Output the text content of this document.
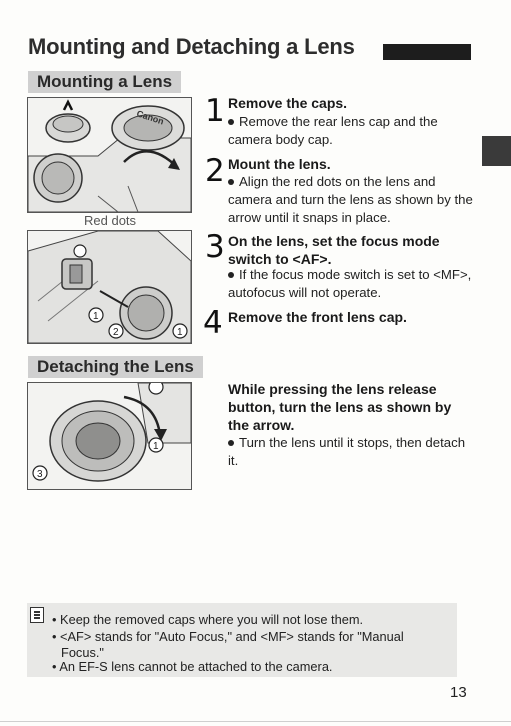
Mounting and Detaching a Lens
Mounting a Lens
Canon
Red dots
1
2	1
Detaching the Lens
1
3
1 Remove the caps.
Remove the rear lens cap and the camera body cap.
2 Mount the lens.
Align the red dots on the lens and camera and turn the lens as shown by the arrow until it snaps in place.
3 On the lens, set the focus mode switch to <AF>.
If the focus mode switch is set to <MF>, autofocus will not operate.
4 Remove the front lens cap.
While pressing the lens release button, turn the lens as shown by the arrow.
Turn the lens until it stops, then detach it.
• Keep the removed caps where you will not lose them.
• <AF> stands for "Auto Focus," and <MF> stands for "Manual
Focus."
• An EF-S lens cannot be attached to the camera.
13
